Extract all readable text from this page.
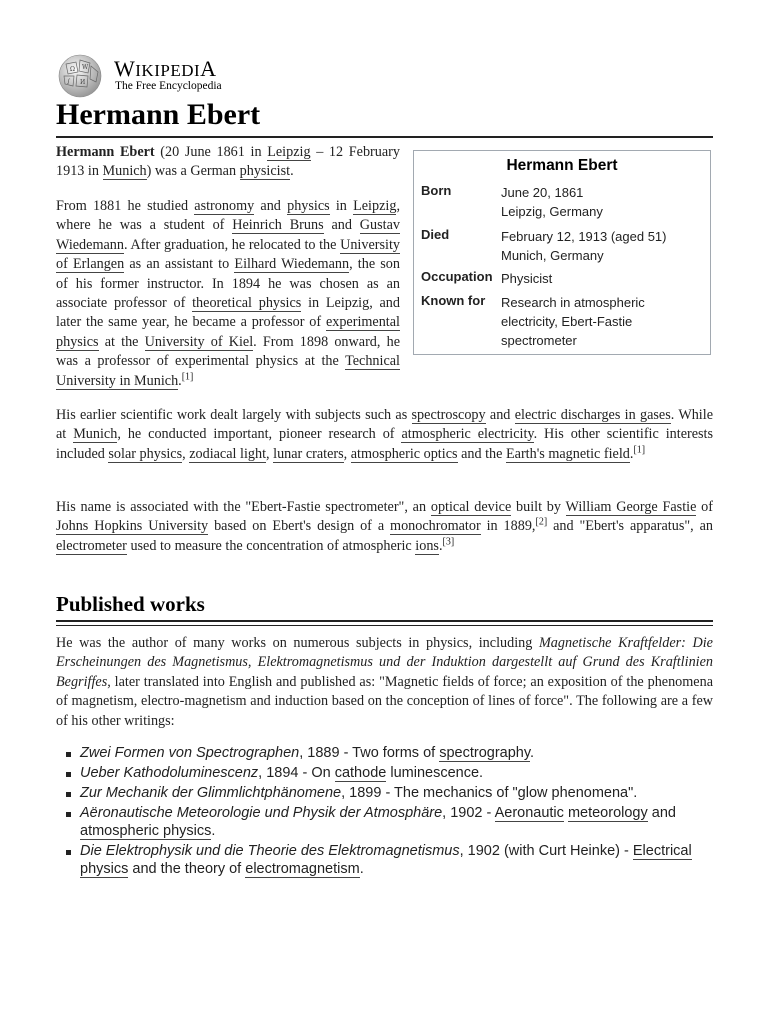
Ω W
И
∫
WIKIPEDIA
The Free Encyclopedia
Hermann Ebert
Hermann Ebert (20 June 1861 in Leipzig – 12 February 1913 in Munich) was a German physicist.
From 1881 he studied astronomy and physics in Leipzig, where he was a student of Heinrich Bruns and Gustav Wiedemann. After graduation, he relocated to the University of Erlangen as an assistant to Eilhard Wiedemann, the son of his former instructor. In 1894 he was chosen as an associate professor of theoretical physics in Leipzig, and later the same year, he became a professor of experimental physics at the University of Kiel. From 1898 onward, he was a professor of experimental physics at the Technical University in Munich.[1]
Hermann Ebert
Born	June 20, 1861
Leipzig, Germany
Died	February 12, 1913 (aged 51)
Munich, Germany
Occupation Physicist
Known for	Research in atmospheric electricity, Ebert-Fastie spectrometer
His earlier scientific work dealt largely with subjects such as spectroscopy and electric discharges in gases. While at Munich, he conducted important, pioneer research of atmospheric electricity. His other scientific interests included solar physics, zodiacal light, lunar craters, atmospheric optics and the Earth's magnetic field.[1]
His name is associated with the "Ebert-Fastie spectrometer", an optical device built by William George Fastie of Johns Hopkins University based on Ebert's design of a monochromator in 1889,[2] and "Ebert's apparatus", an electrometer used to measure the concentration of atmospheric ions.[3]
Published works
He was the author of many works on numerous subjects in physics, including Magnetische Kraftfelder: Die Erscheinungen des Magnetismus, Elektromagnetismus und der Induktion dargestellt auf Grund des Kraftlinien Begriffes, later translated into English and published as: "Magnetic fields of force; an exposition of the phenomena of magnetism, electro-magnetism and induction based on the conception of lines of force". The following are a few of his other writings:
Zwei Formen von Spectrographen, 1889 - Two forms of spectrography.
Ueber Kathodoluminescenz, 1894 - On cathode luminescence.
Zur Mechanik der Glimmlichtphänomene, 1899 - The mechanics of "glow phenomena".
Aëronautische Meteorologie und Physik der Atmosphäre, 1902 - Aeronautic meteorology and atmospheric physics.
Die Elektrophysik und die Theorie des Elektromagnetismus, 1902 (with Curt Heinke) - Electrical physics and the theory of electromagnetism.
